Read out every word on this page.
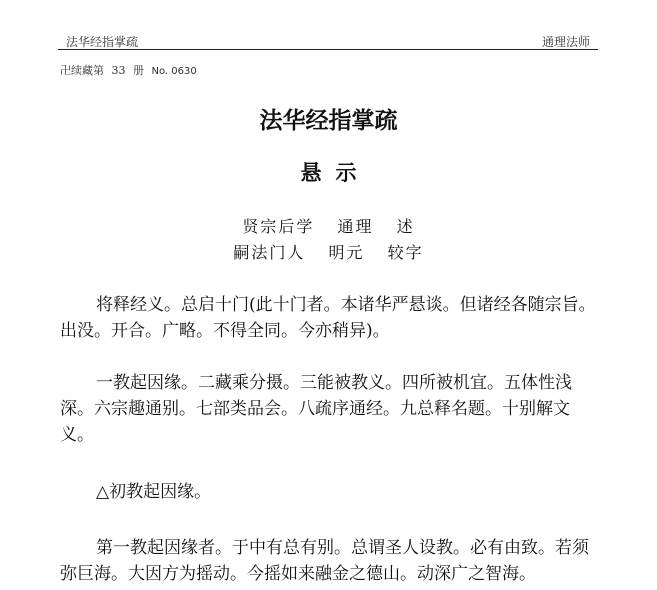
法华经指掌疏	通理法师
卍续藏第 33 册 No. 0630
法华经指掌疏
悬示
贤宗后学 通理 述
嗣法门人 明元 较字

将释经义。总启十门(此十门者。本诸华严悬谈。但诸经各随宗旨。出没。开合。广略。不得全同。今亦稍异)。

一教起因缘。二藏乘分摄。三能被教义。四所被机宜。五体性浅深。六宗趣通别。七部类品会。八疏序通经。九总释名题。十别解文义。

△初教起因缘。

第一教起因缘者。于中有总有别。总谓圣人设教。必有由致。若须弥巨海。大因方为摇动。今摇如来融金之德山。动深广之智海。
